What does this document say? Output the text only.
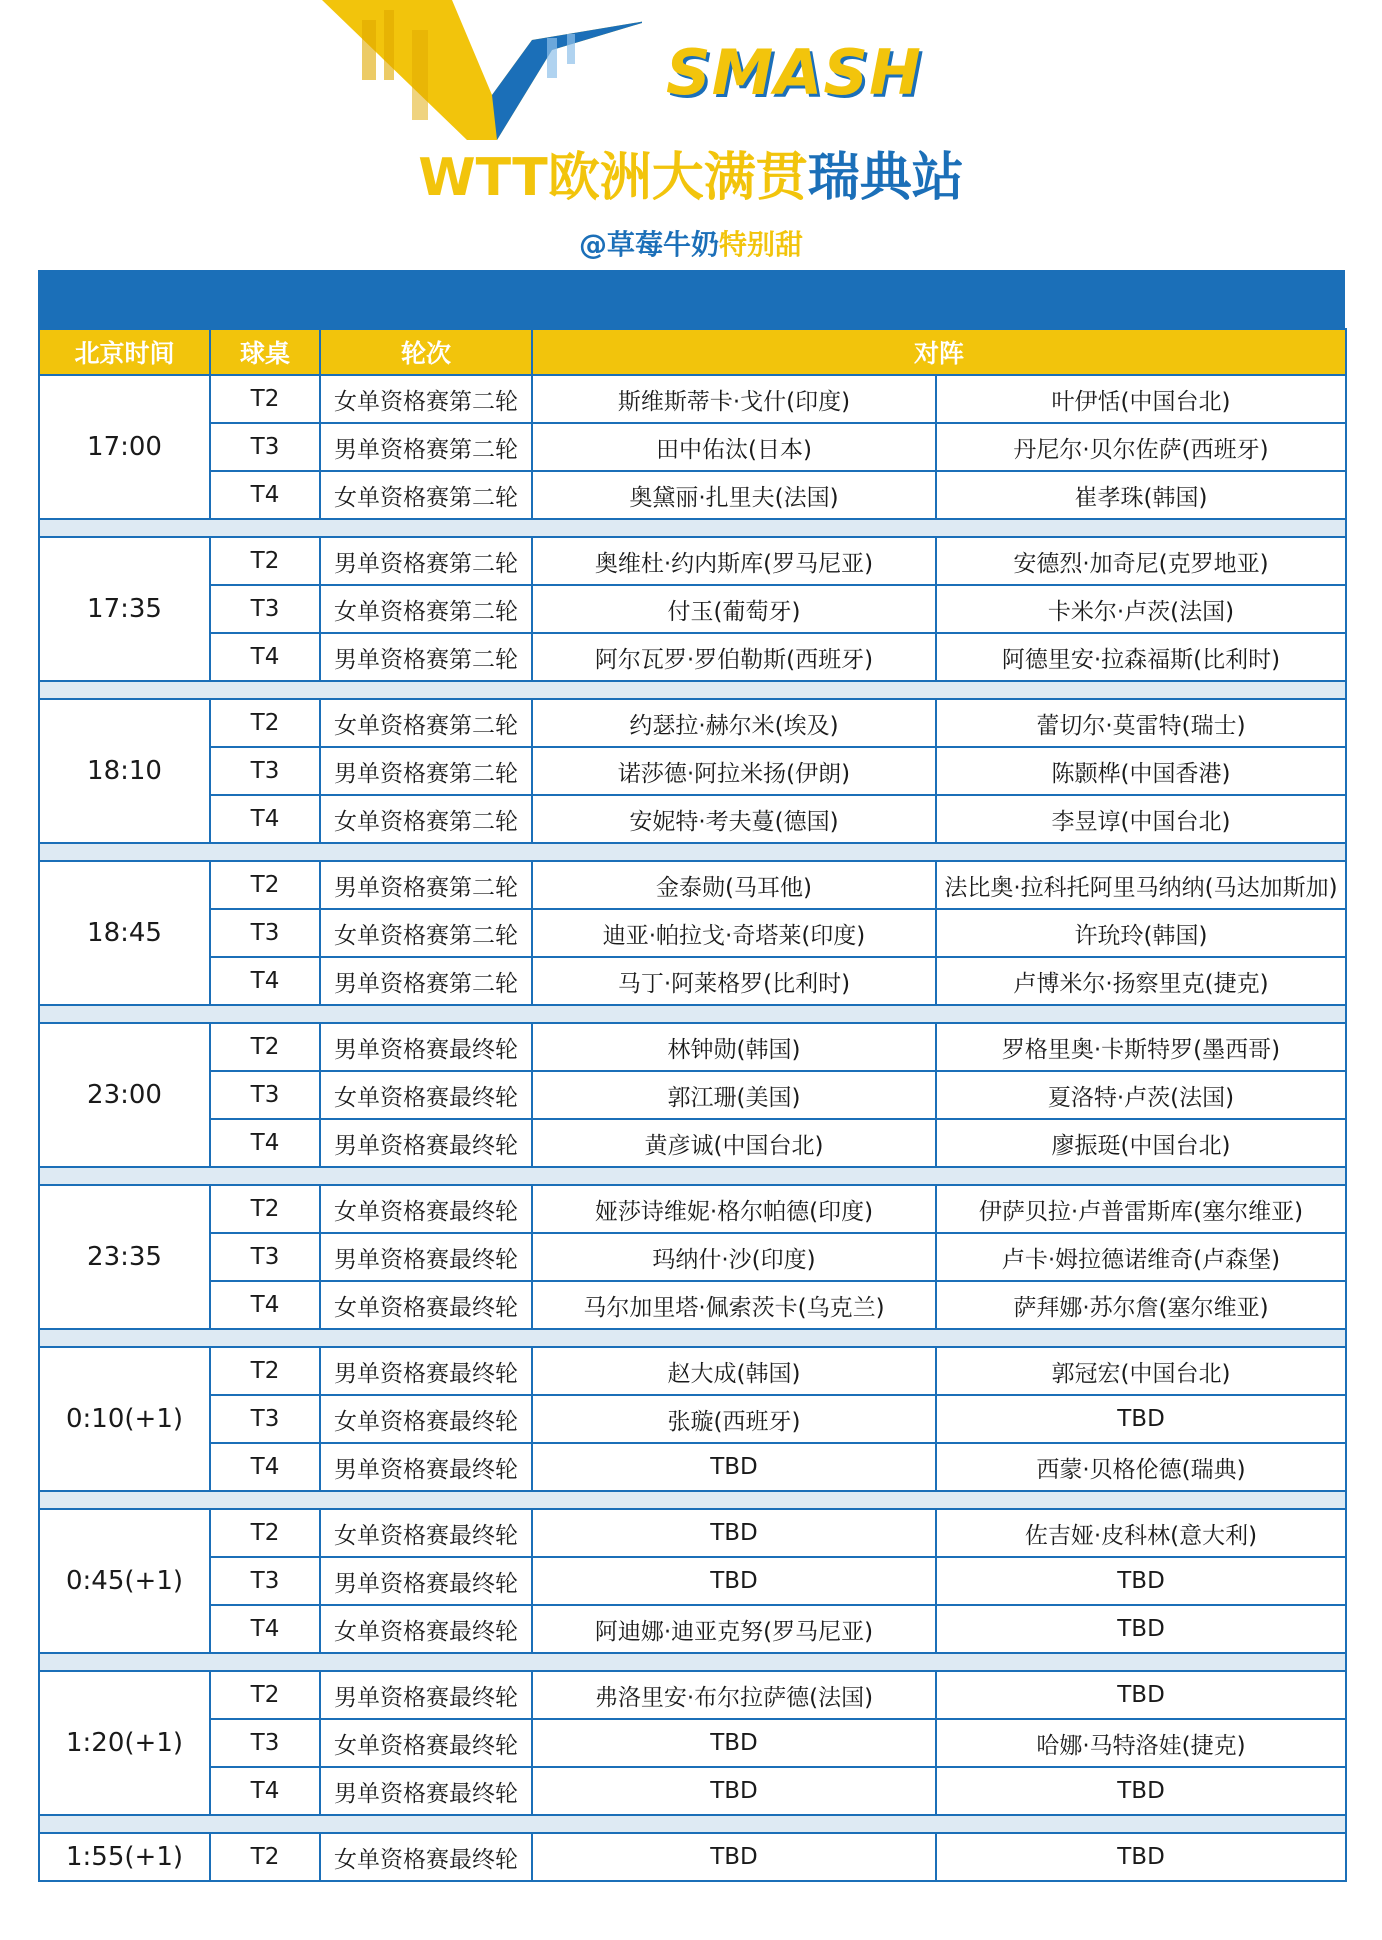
SMASH
WTT欧洲大满贯瑞典站
@草莓牛奶特别甜
北京时间	球桌	轮次	对阵	
17:00	T2	女单资格赛第二轮	斯维斯蒂卡·戈什(印度)	叶伊恬(中国台北)
	T3	男单资格赛第二轮	田中佑汰(日本)	丹尼尔·贝尔佐萨(西班牙)
	T4	女单资格赛第二轮	奥黛丽·扎里夫(法国)	崔孝珠(韩国)

17:35	T2	男单资格赛第二轮	奥维杜·约内斯库(罗马尼亚)	安德烈·加奇尼(克罗地亚)
	T3	女单资格赛第二轮	付玉(葡萄牙)	卡米尔·卢茨(法国)
	T4	男单资格赛第二轮	阿尔瓦罗·罗伯勒斯(西班牙)	阿德里安·拉森福斯(比利时)

18:10	T2	女单资格赛第二轮	约瑟拉·赫尔米(埃及)	蕾切尔·莫雷特(瑞士)
	T3	男单资格赛第二轮	诺莎德·阿拉米扬(伊朗)	陈颢桦(中国香港)
	T4	女单资格赛第二轮	安妮特·考夫蔓(德国)	李昱谆(中国台北)

18:45	T2	男单资格赛第二轮	金泰勋(马耳他)	法比奥·拉科托阿里马纳纳(马达加斯加)
	T3	女单资格赛第二轮	迪亚·帕拉戈·奇塔莱(印度)	许玧玲(韩国)
	T4	男单资格赛第二轮	马丁·阿莱格罗(比利时)	卢博米尔·扬察里克(捷克)

23:00	T2	男单资格赛最终轮	林钟勋(韩国)	罗格里奥·卡斯特罗(墨西哥)
	T3	女单资格赛最终轮	郭江珊(美国)	夏洛特·卢茨(法国)
	T4	男单资格赛最终轮	黄彦诚(中国台北)	廖振珽(中国台北)

23:35	T2	女单资格赛最终轮	娅莎诗维妮·格尔帕德(印度)	伊萨贝拉·卢普雷斯库(塞尔维亚)
	T3	男单资格赛最终轮	玛纳什·沙(印度)	卢卡·姆拉德诺维奇(卢森堡)
	T4	女单资格赛最终轮	马尔加里塔·佩索茨卡(乌克兰)	萨拜娜·苏尔詹(塞尔维亚)

0:10(+1)	T2	男单资格赛最终轮	赵大成(韩国)	郭冠宏(中国台北)
	T3	女单资格赛最终轮	张璇(西班牙)	TBD
	T4	男单资格赛最终轮	TBD	西蒙·贝格伦德(瑞典)

0:45(+1)	T2	女单资格赛最终轮	TBD	佐吉娅·皮科林(意大利)
	T3	男单资格赛最终轮	TBD	TBD
	T4	女单资格赛最终轮	阿迪娜·迪亚克努(罗马尼亚)	TBD

1:20(+1)	T2	男单资格赛最终轮	弗洛里安·布尔拉萨德(法国)	TBD
	T3	女单资格赛最终轮	TBD	哈娜·马特洛娃(捷克)
	T4	男单资格赛最终轮	TBD	TBD

1:55(+1)	T2	女单资格赛最终轮	TBD	TBD
